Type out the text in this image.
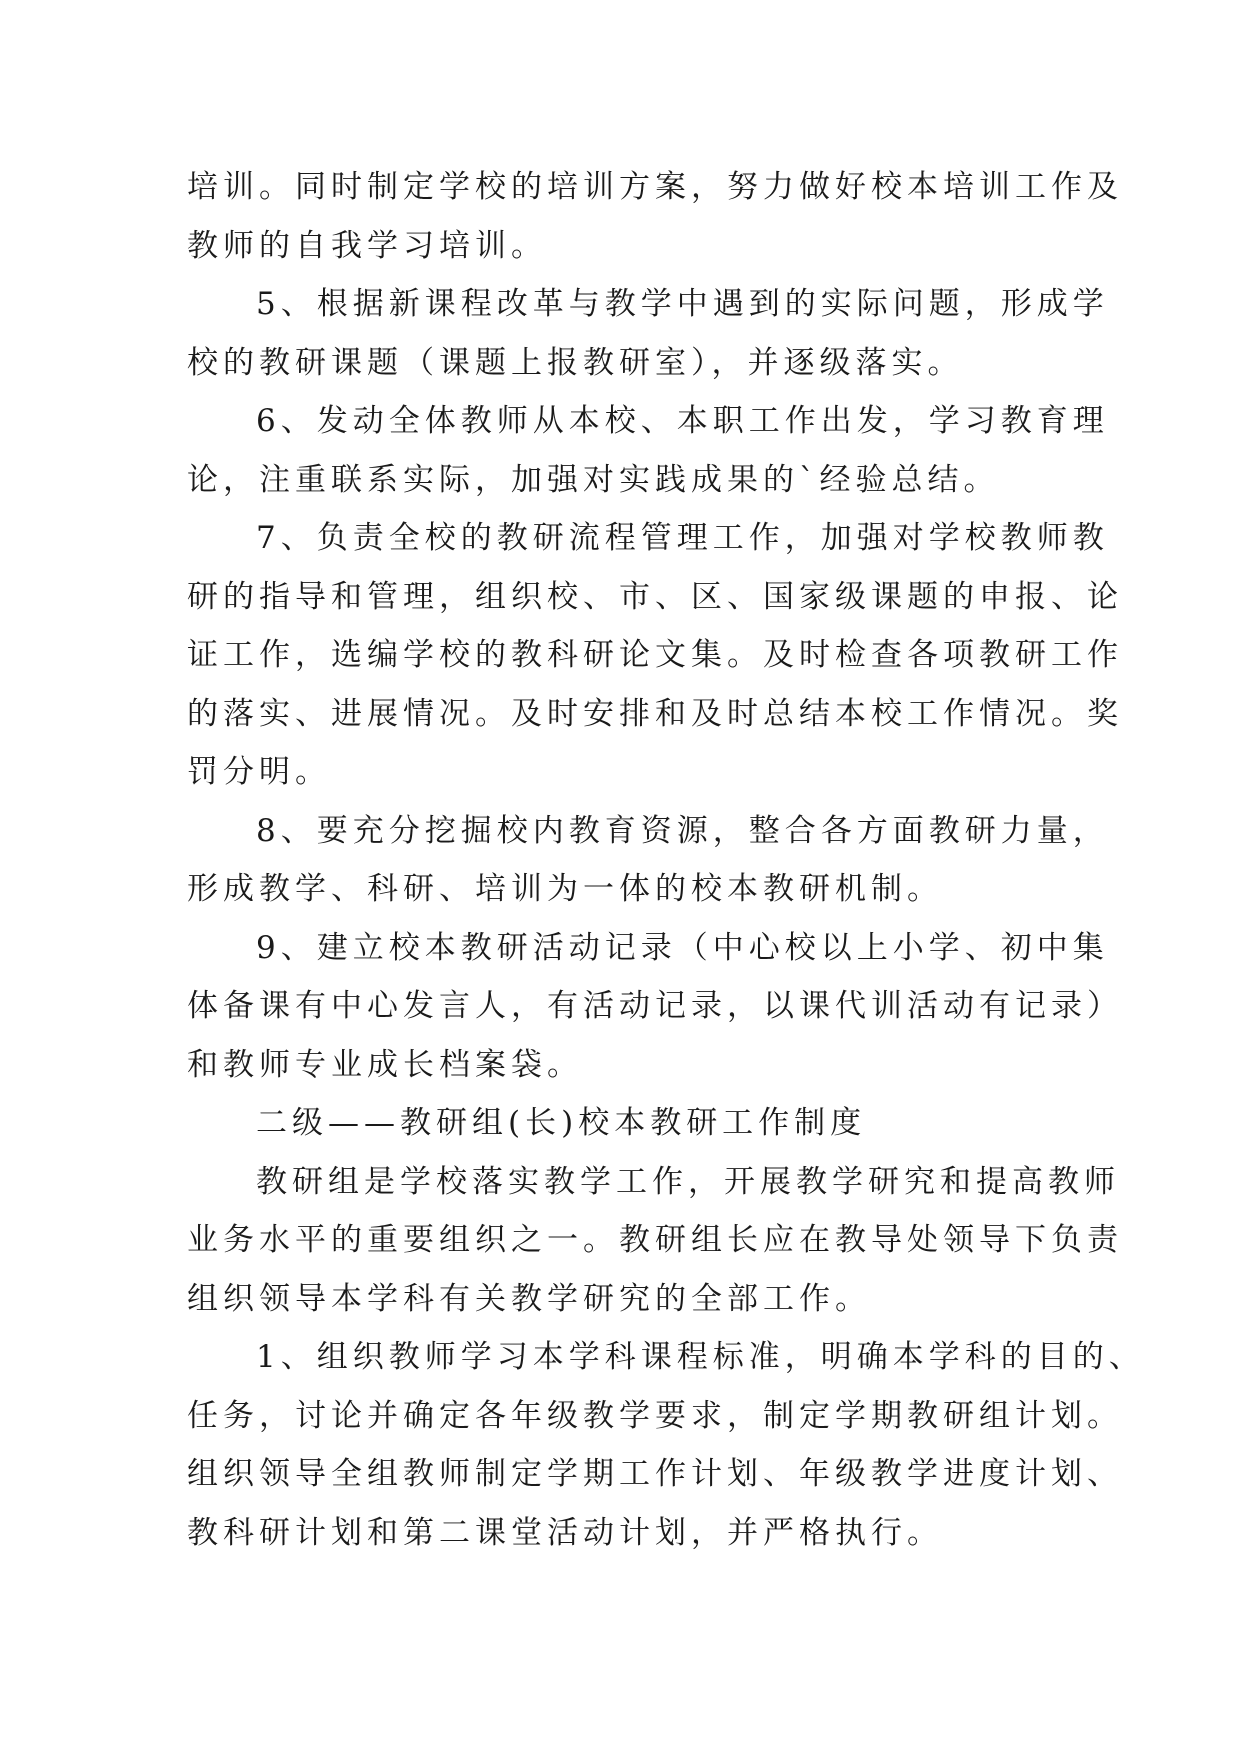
培训。同时制定学校的培训方案，努力做好校本培训工作及
教师的自我学习培训。
5、根据新课程改革与教学中遇到的实际问题，形成学
校的教研课题（课题上报教研室），并逐级落实。
6、发动全体教师从本校、本职工作出发，学习教育理
论，注重联系实际，加强对实践成果的`经验总结。
7、负责全校的教研流程管理工作，加强对学校教师教
研的指导和管理，组织校、市、区、国家级课题的申报、论
证工作，选编学校的教科研论文集。及时检查各项教研工作
的落实、进展情况。及时安排和及时总结本校工作情况。奖
罚分明。
8、要充分挖掘校内教育资源，整合各方面教研力量，
形成教学、科研、培训为一体的校本教研机制。
9、建立校本教研活动记录（中心校以上小学、初中集
体备课有中心发言人，有活动记录，以课代训活动有记录）
和教师专业成长档案袋。
二级——教研组(长)校本教研工作制度
教研组是学校落实教学工作，开展教学研究和提高教师
业务水平的重要组织之一。教研组长应在教导处领导下负责
组织领导本学科有关教学研究的全部工作。
1、组织教师学习本学科课程标准，明确本学科的目的、
任务，讨论并确定各年级教学要求，制定学期教研组计划。
组织领导全组教师制定学期工作计划、年级教学进度计划、
教科研计划和第二课堂活动计划，并严格执行。
